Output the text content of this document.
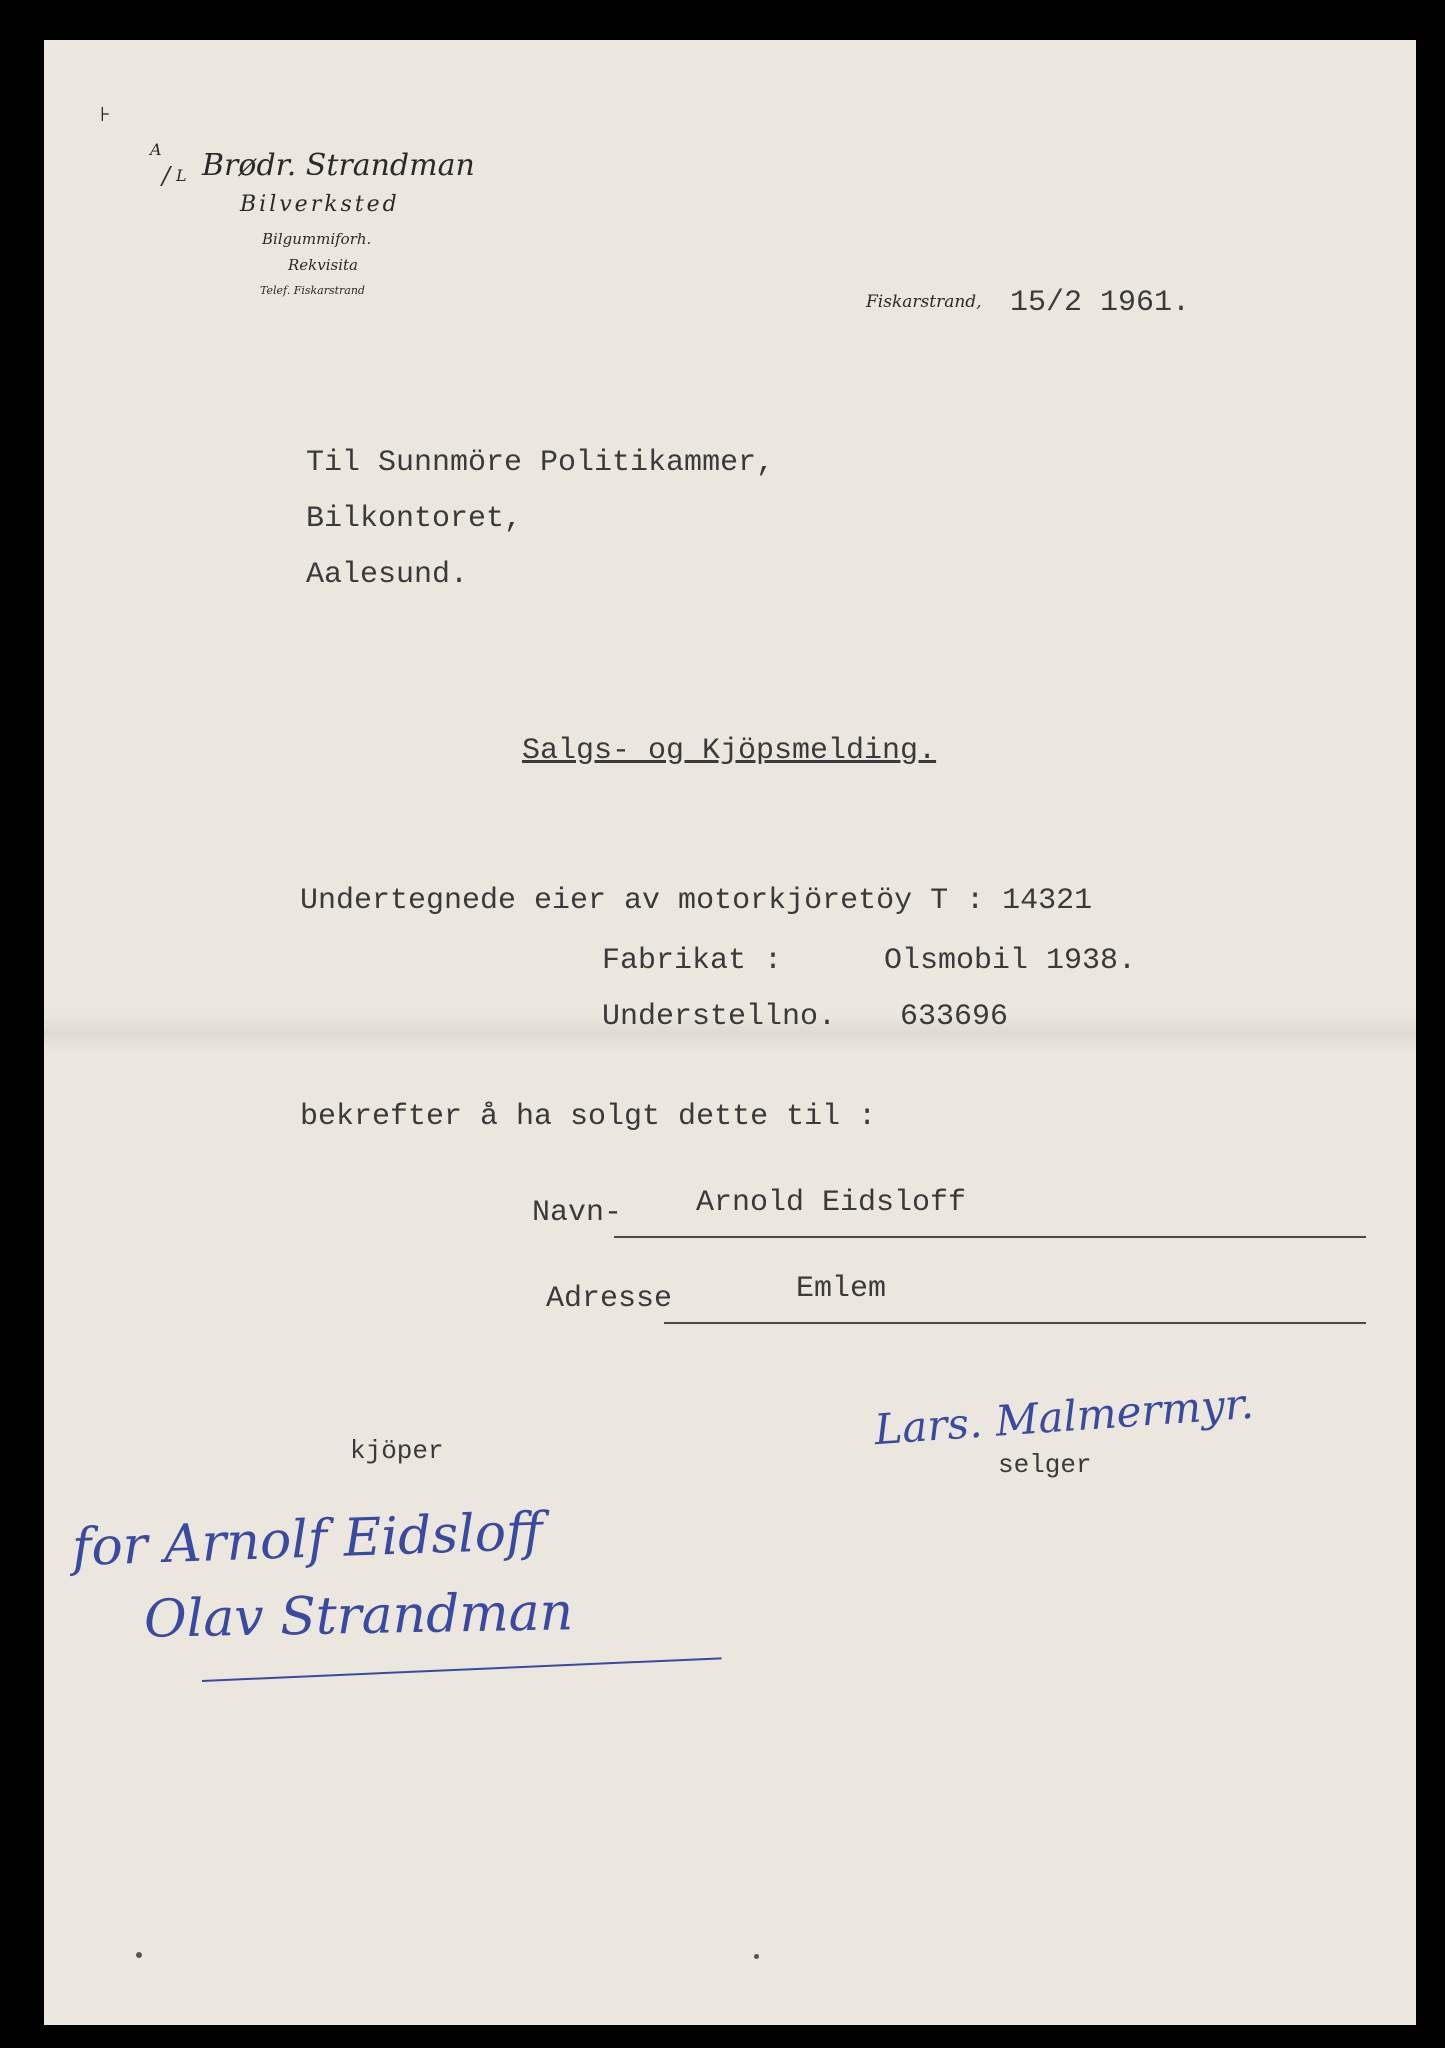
⊦
A
/ L Brødr. Strandman
Bilverksted
Bilgummiforh.
Rekvisita
Telef. Fiskarstrand
Fiskarstrand, 15/2 1961.
Til Sunnmöre Politikammer,
Bilkontoret,
Aalesund.
Salgs- og Kjöpsmelding.
Undertegnede eier av motorkjöretöy T : 14321
Fabrikat :	Olsmobil 1938.
Understellno. 633696
bekrefter å ha solgt dette til :
Navn- Arnold Eidsloff
Adresse	Emlem
kjöper	selger
Lars. Malmermyr.
for Arnolf Eidsloff
Olav Strandman
